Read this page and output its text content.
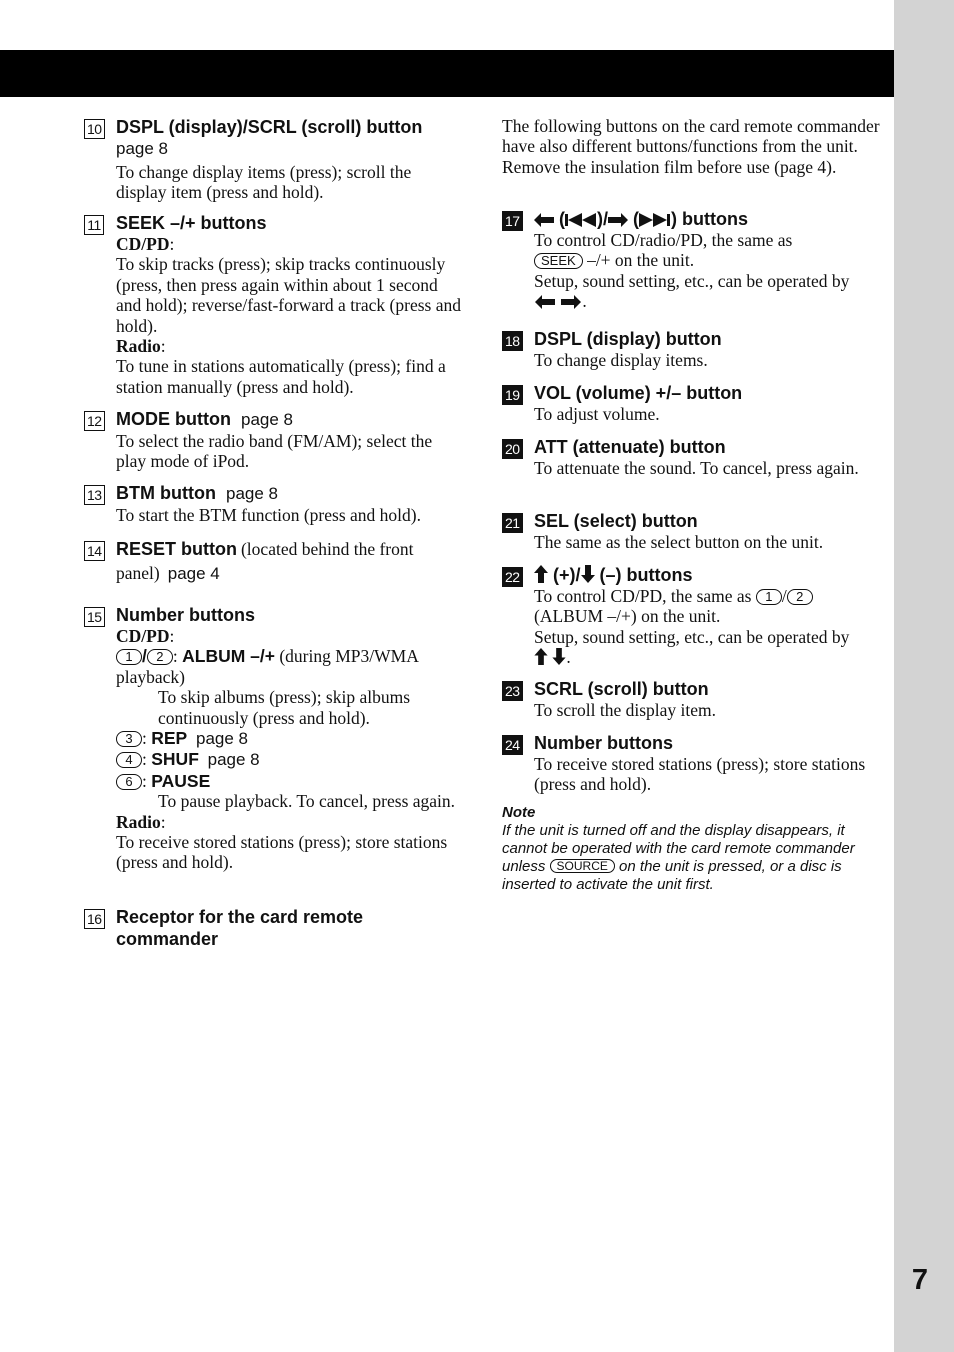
7
10 DSPL (display)/SCRL (scroll) button
page 8
To change display items (press); scroll the display item (press and hold).
11 SEEK –/+ buttons
CD/PD:
To skip tracks (press); skip tracks continuously (press, then press again within about 1 second and hold); reverse/fast-forward a track (press and hold).
Radio:
To tune in stations automatically (press); find a station manually (press and hold).
12 MODE button page 8
To select the radio band (FM/AM); select the play mode of iPod.
13 BTM button page 8
To start the BTM function (press and hold).
14 RESET button (located behind the front panel) page 4
15 Number buttons
CD/PD:
1 / 2 : ALBUM –/+ (during MP3/WMA playback)
To skip albums (press); skip albums continuously (press and hold).
3 : REP page 8
4 : SHUF page 8
6 : PAUSE
To pause playback. To cancel, press again.
Radio:
To receive stored stations (press); store stations (press and hold).
16 Receptor for the card remote commander
The following buttons on the card remote commander have also different buttons/functions from the unit. Remove the insulation film before use (page 4).
17	( )/ ( ) buttons
To control CD/radio/PD, the same as
SEEK –/+ on the unit.
Setup, sound setting, etc., can be operated by
.
18 DSPL (display) button
To change display items.
19 VOL (volume) +/– button
To adjust volume.
20 ATT (attenuate) button
To attenuate the sound. To cancel, press again.
21 SEL (select) button
The same as the select button on the unit.
22	(+)/ (–) buttons
To control CD/PD, the same as 1 / 2
(ALBUM –/+) on the unit.
Setup, sound setting, etc., can be operated by
.
23 SCRL (scroll) button
To scroll the display item.
24 Number buttons
To receive stored stations (press); store stations (press and hold).
Note
If the unit is turned off and the display disappears, it cannot be operated with the card remote commander unless SOURCE on the unit is pressed, or a disc is inserted to activate the unit first.
